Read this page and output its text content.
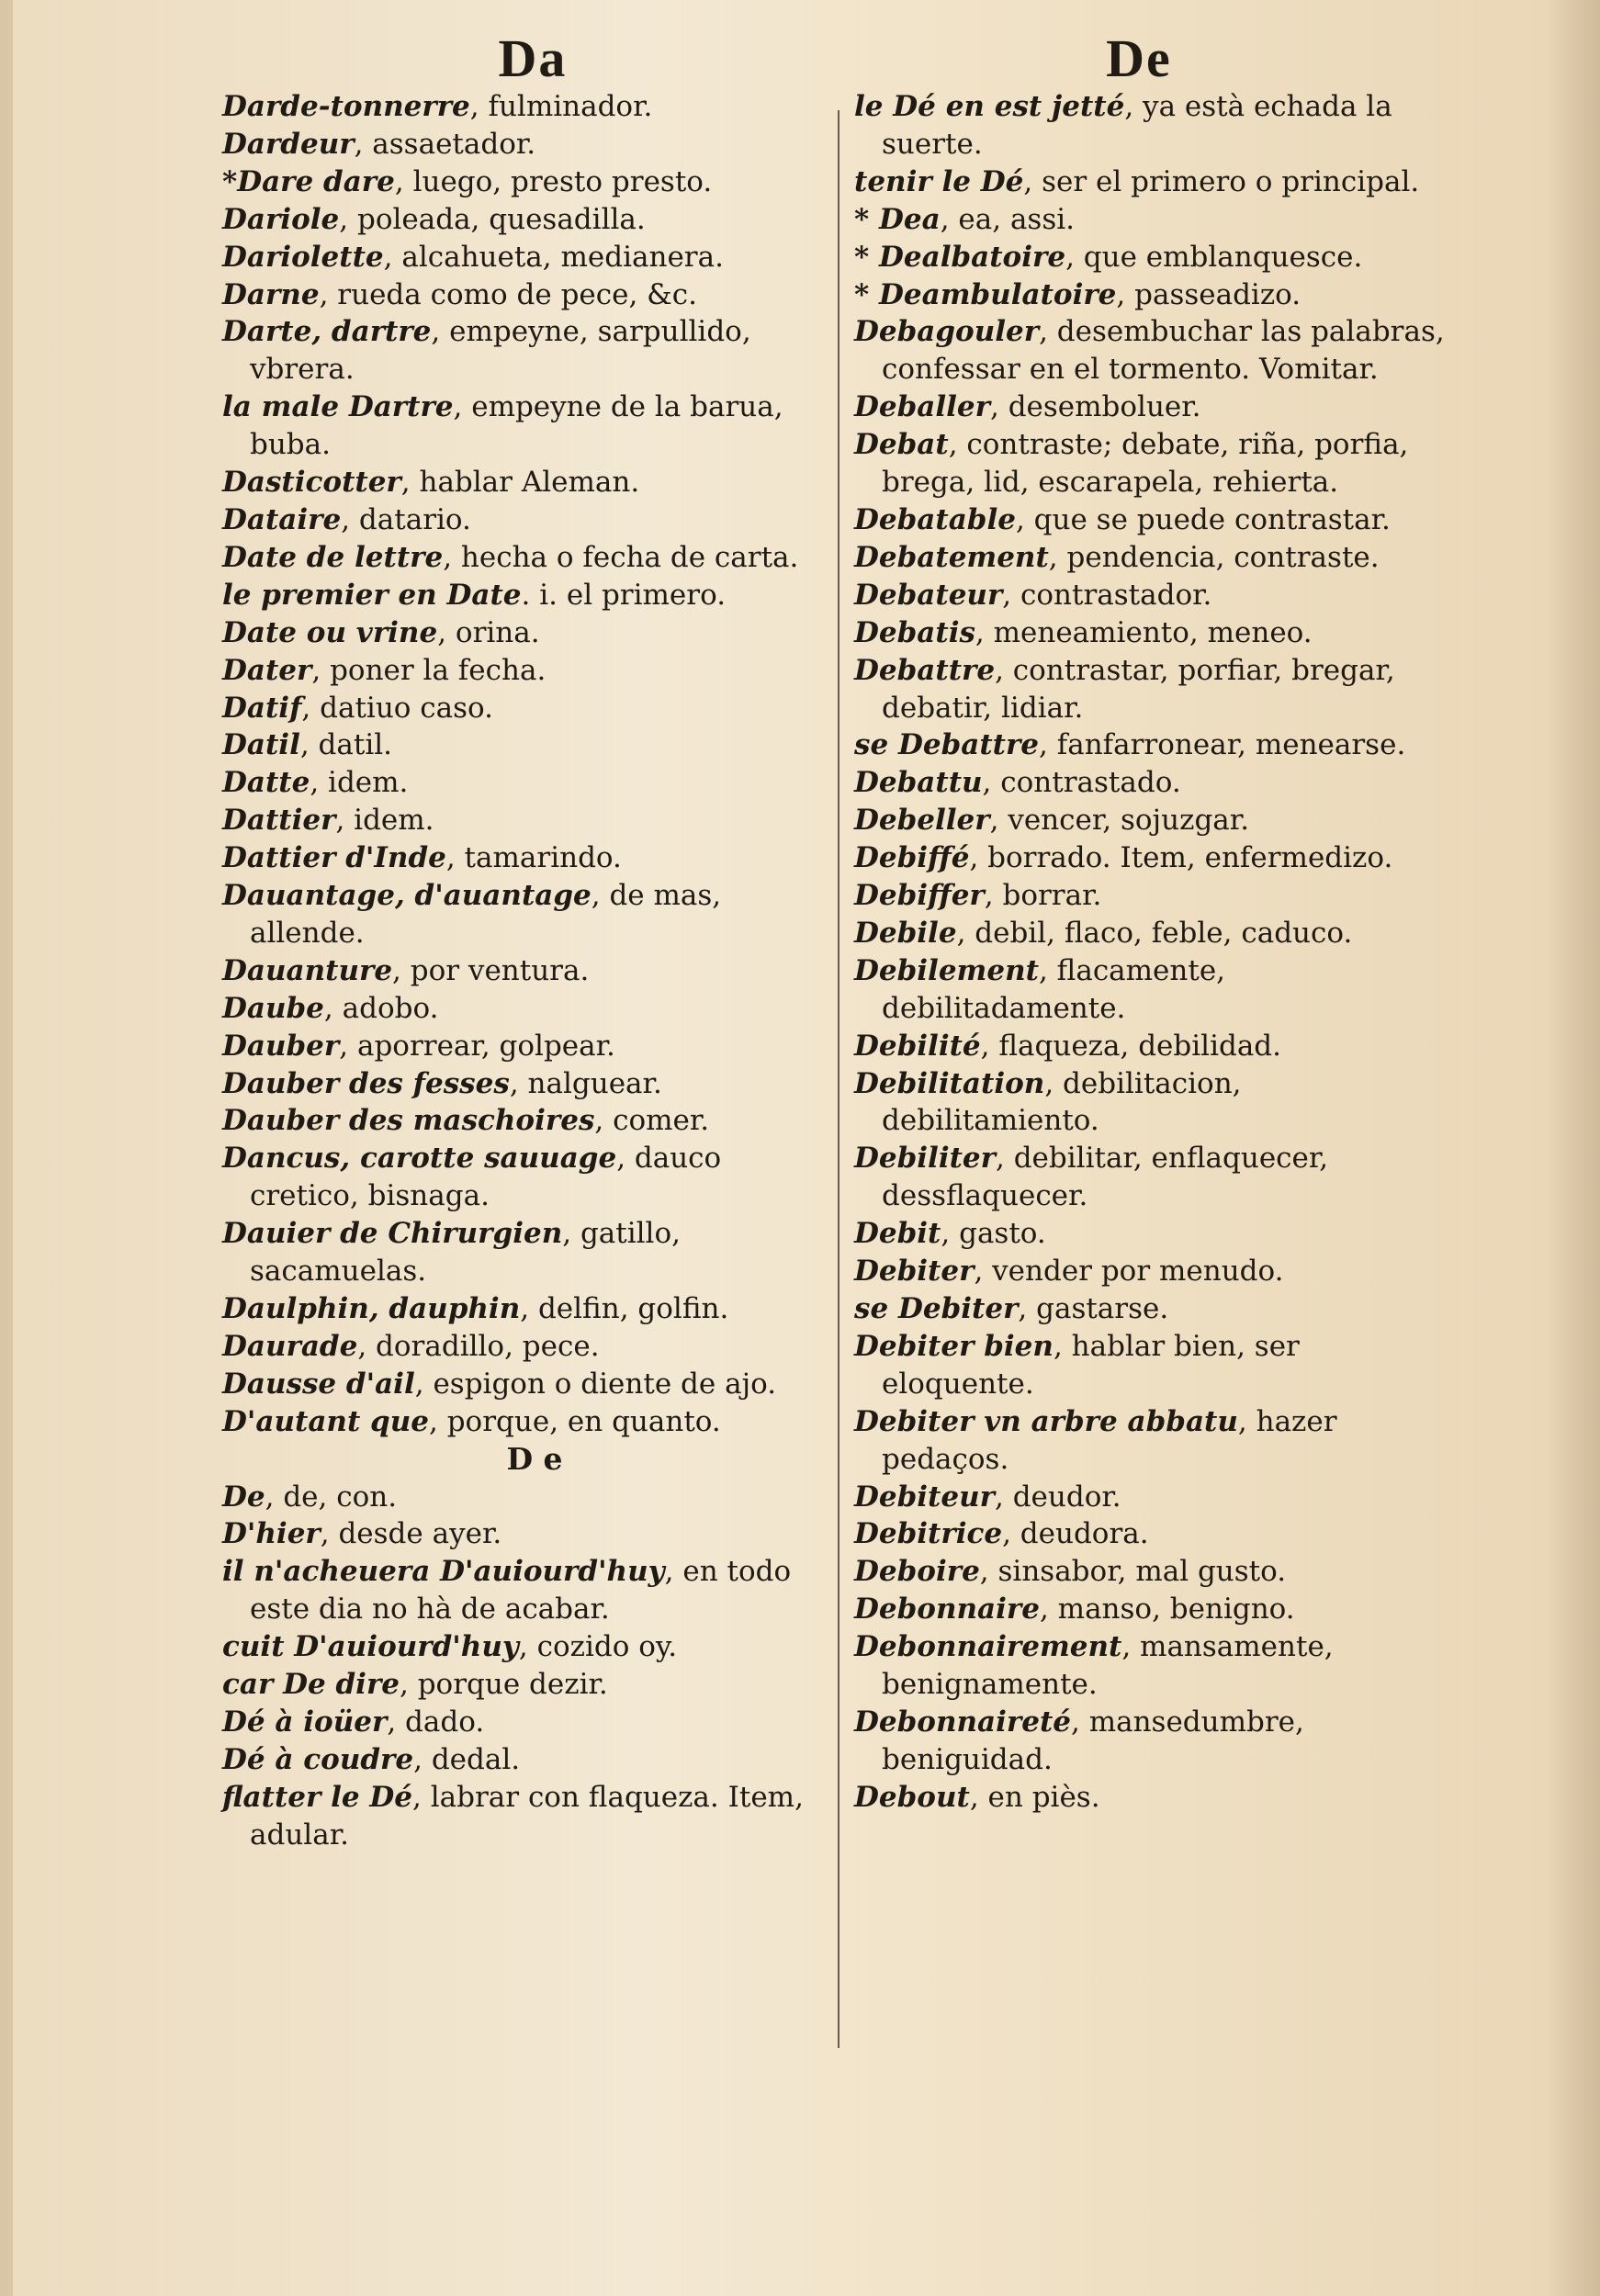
Da	De

Darde-tonnerre, fulminador.

Dardeur, assaetador.

*Dare dare, luego, presto presto.

Dariole, poleada, quesadilla.

Dariolette, alcahueta, medianera.

Darne, rueda como de pece, &c.

Darte, dartre, empeyne, sarpullido, vbrera.

la male Dartre, empeyne de la barua, buba.

Dasticotter, hablar Aleman.

Dataire, datario.

Date de lettre, hecha o fecha de carta.

le premier en Date. i. el primero.

Date ou vrine, orina.

Dater, poner la fecha.

Datif, datiuo caso.

Datil, datil.

Datte, idem.

Dattier, idem.

Dattier d'Inde, tamarindo.

Dauantage, d'auantage, de mas, allende.

Dauanture, por ventura.

Daube, adobo.

Dauber, aporrear, golpear.

Dauber des fesses, nalguear.

Dauber des maschoires, comer.

Dancus, carotte sauuage, dauco cretico, bisnaga.

Dauier de Chirurgien, gatillo, sacamuelas.

Daulphin, dauphin, delfin, golfin.

Daurade, doradillo, pece.

Dausse d'ail, espigon o diente de ajo.

D'autant que, porque, en quanto.

D e

De, de, con.

D'hier, desde ayer.

il n'acheuera D'auiourd'huy, en todo este dia no hà de acabar.

cuit D'auiourd'huy, cozido oy.

car De dire, porque dezir.

Dé à ioüer, dado.

Dé à coudre, dedal.

flatter le Dé, labrar con flaqueza. Item, adular.

le Dé en est jetté, ya està echada la suerte.

tenir le Dé, ser el primero o principal.

* Dea, ea, assi.

* Dealbatoire, que emblanquesce.

* Deambulatoire, passeadizo.

Debagouler, desembuchar las palabras, confessar en el tormento. Vomitar.

Deballer, desemboluer.

Debat, contraste; debate, riña, porfia, brega, lid, escarapela, rehierta.

Debatable, que se puede contrastar.

Debatement, pendencia, contraste.

Debateur, contrastador.

Debatis, meneamiento, meneo.

Debattre, contrastar, porfiar, bregar, debatir, lidiar.

se Debattre, fanfarronear, menearse.

Debattu, contrastado.

Debeller, vencer, sojuzgar.

Debiffé, borrado. Item, enfermedizo.

Debiffer, borrar.

Debile, debil, flaco, feble, caduco.

Debilement, flacamente, debilitadamente.

Debilité, flaqueza, debilidad.

Debilitation, debilitacion, debilitamiento.

Debiliter, debilitar, enflaquecer, dessflaquecer.

Debit, gasto.

Debiter, vender por menudo.

se Debiter, gastarse.

Debiter bien, hablar bien, ser eloquente.

Debiter vn arbre abbatu, hazer pedaços.

Debiteur, deudor.

Debitrice, deudora.

Deboire, sinsabor, mal gusto.

Debonnaire, manso, benigno.

Debonnairement, mansamente, benignamente.

Debonnaireté, mansedumbre, beniguidad.

Debout, en piès.
